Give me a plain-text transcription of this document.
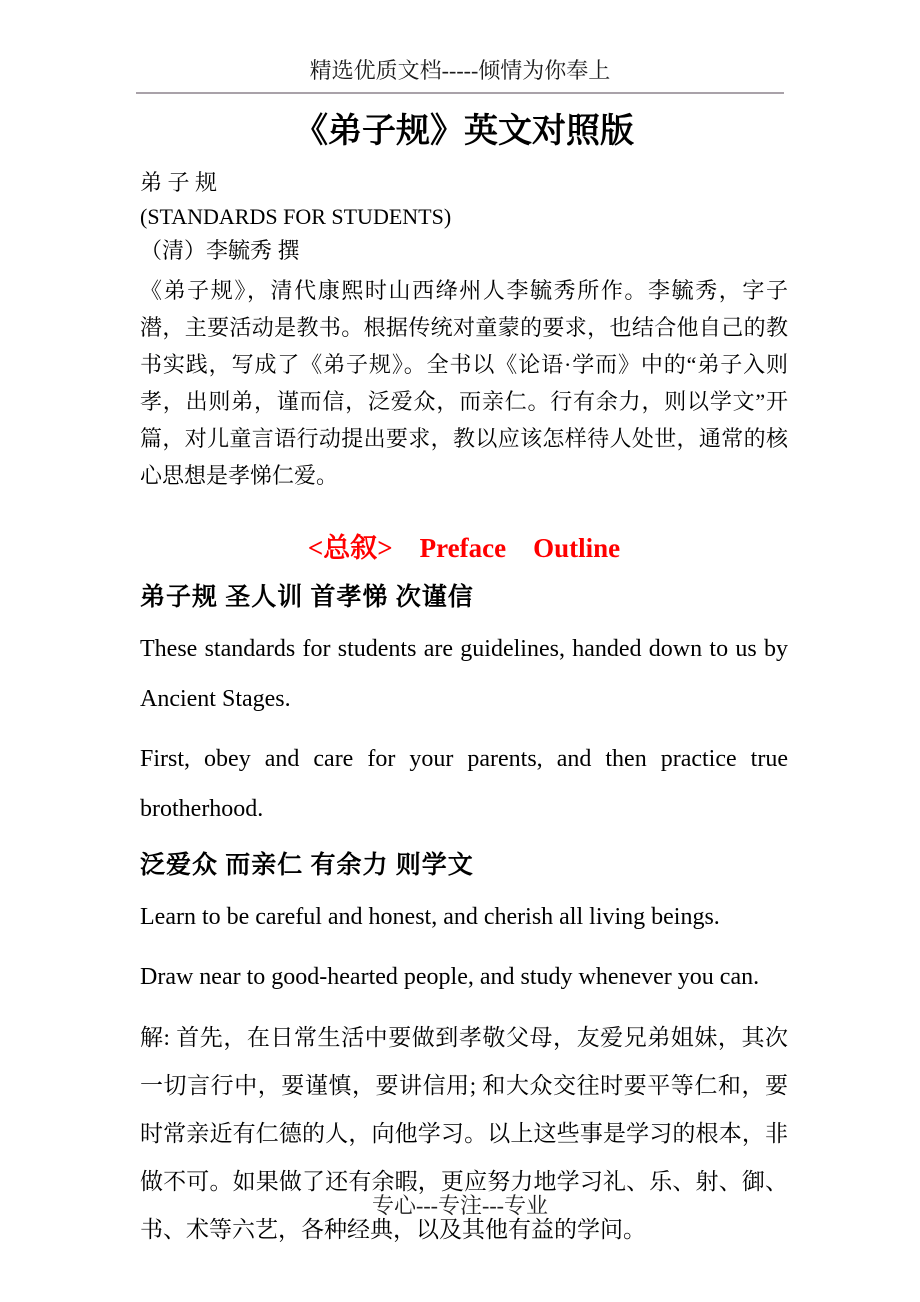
精选优质文档-----倾情为你奉上
《弟子规》英文对照版

弟 子 规

(STANDARDS FOR STUDENTS)

（清）李毓秀 撰

《弟子规》，清代康熙时山西绛州人李毓秀所作。李毓秀，字子潜，主要活动是教书。根据传统对童蒙的要求，也结合他自己的教书实践，写成了《弟子规》。全书以《论语·学而》中的“弟子入则孝，出则弟，谨而信，泛爱众，而亲仁。行有余力，则以学文”开篇，对儿童言语行动提出要求，教以应该怎样待人处世，通常的核心思想是孝悌仁爱。

<总叙>    Preface    Outline

弟子规 圣人训 首孝悌 次谨信

These standards for students are guidelines, handed down to us by Ancient Stages.

First, obey and care for your parents, and then practice true brotherhood.

泛爱众 而亲仁 有余力 则学文

Learn to be careful and honest, and cherish all living beings.

Draw near to good-hearted people, and study whenever you can.

解: 首先，在日常生活中要做到孝敬父母，友爱兄弟姐妹，其次一切言行中，要谨慎，要讲信用; 和大众交往时要平等仁和，要时常亲近有仁德的人，向他学习。以上这些事是学习的根本，非做不可。如果做了还有余暇，更应努力地学习礼、乐、射、御、书、术等六艺，各种经典，以及其他有益的学问。

专心---专注---专业
